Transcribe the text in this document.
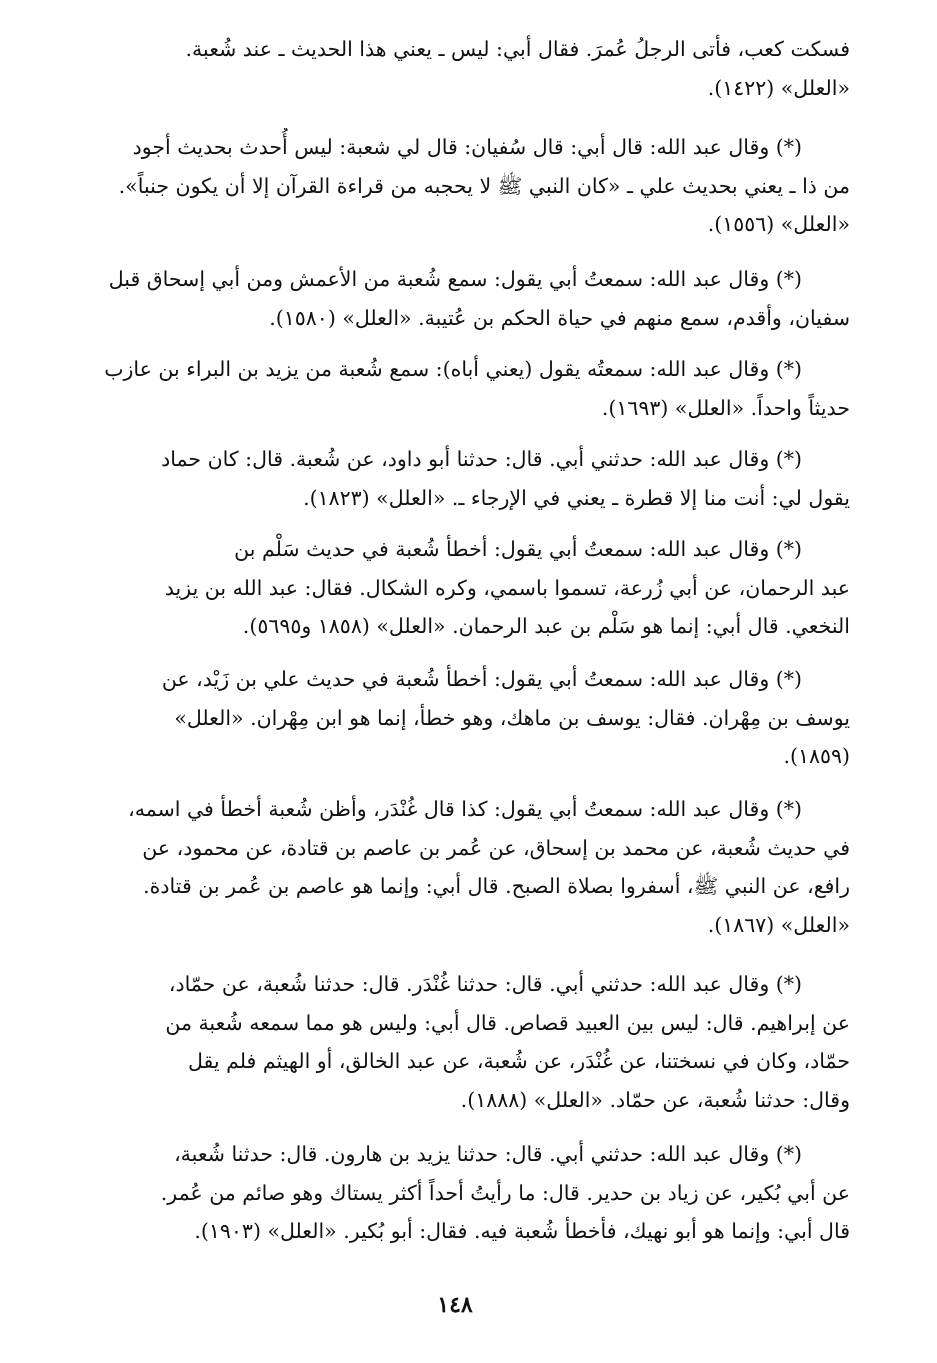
فسكت كعب، فأتى الرجلُ عُمرَ. فقال أبي: ليس ـ يعني هذا الحديث ـ عند شُعبة.
«العلل» (١٤٢٢).
(*) وقال عبد الله: قال أبي: قال سُفيان: قال لي شعبة: ليس أُحدث بحديث أجود
من ذا ـ يعني بحديث علي ـ «كان النبي ﷺ لا يحجبه من قراءة القرآن إلا أن يكون جنباً».
«العلل» (١٥٥٦).
(*) وقال عبد الله: سمعتُ أبي يقول: سمع شُعبة من الأعمش ومن أبي إسحاق قبل
سفيان، وأقدم، سمع منهم في حياة الحكم بن عُتيبة. «العلل» (١٥٨٠).
(*) وقال عبد الله: سمعتُه يقول (يعني أباه): سمع شُعبة من يزيد بن البراء بن عازب
حديثاً واحداً. «العلل» (١٦٩٣).
(*) وقال عبد الله: حدثني أبي. قال: حدثنا أبو داود، عن شُعبة. قال: كان حماد
يقول لي: أنت منا إلا قطرة ـ يعني في الإرجاء ـ. «العلل» (١٨٢٣).
(*) وقال عبد الله: سمعتُ أبي يقول: أخطأ شُعبة في حديث سَلْم بن
عبد الرحمان، عن أبي زُرعة، تسموا باسمي، وكره الشكال. فقال: عبد الله بن يزيد
النخعي. قال أبي: إنما هو سَلْم بن عبد الرحمان. «العلل» (١٨٥٨ و٥٦٩٥).
(*) وقال عبد الله: سمعتُ أبي يقول: أخطأ شُعبة في حديث علي بن زَيْد، عن
يوسف بن مِهْران. فقال: يوسف بن ماهك، وهو خطأ، إنما هو ابن مِهْران. «العلل»
(١٨٥٩).
(*) وقال عبد الله: سمعتُ أبي يقول: كذا قال غُنْدَر، وأظن شُعبة أخطأ في اسمه،
في حديث شُعبة، عن محمد بن إسحاق، عن عُمر بن عاصم بن قتادة، عن محمود، عن
رافع، عن النبي ﷺ، أسفروا بصلاة الصبح. قال أبي: وإنما هو عاصم بن عُمر بن قتادة.
«العلل» (١٨٦٧).
(*) وقال عبد الله: حدثني أبي. قال: حدثنا غُنْدَر. قال: حدثنا شُعبة، عن حمّاد،
عن إبراهيم. قال: ليس بين العبيد قصاص. قال أبي: وليس هو مما سمعه شُعبة من
حمّاد، وكان في نسختنا، عن غُنْدَر، عن شُعبة، عن عبد الخالق، أو الهيثم فلم يقل
وقال: حدثنا شُعبة، عن حمّاد. «العلل» (١٨٨٨).
(*) وقال عبد الله: حدثني أبي. قال: حدثنا يزيد بن هارون. قال: حدثنا شُعبة،
عن أبي بُكير، عن زياد بن حدير. قال: ما رأيتُ أحداً أكثر يستاك وهو صائم من عُمر.
قال أبي: وإنما هو أبو نهيك، فأخطأ شُعبة فيه. فقال: أبو بُكير. «العلل» (١٩٠٣).
١٤٨
